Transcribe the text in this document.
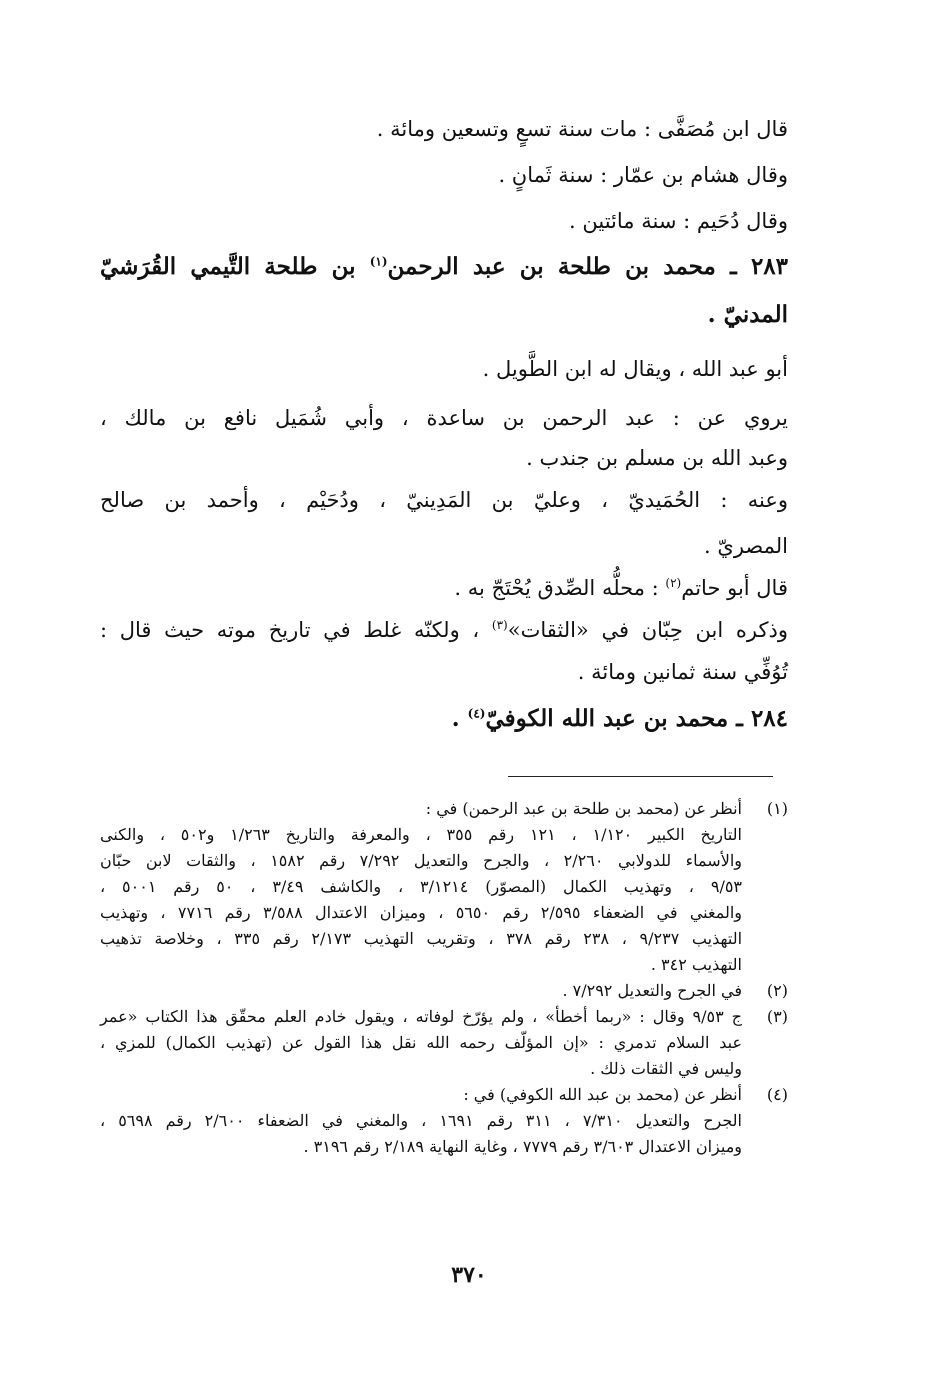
قال ابن مُصَفَّى : مات سنة تسعٍ وتسعين ومائة .
وقال هشام بن عمّار : سنة ثَمانٍ .
وقال دُحَيم : سنة مائتين .
٢٨٣ ـ محمد بن طلحة بن عبد الرحمن$^{(١)}$ بن طلحة التَّيمي القُرَشيّ
المدنيّ .
أبو عبد الله ، ويقال له ابن الطَّويل .
يروي عن : عبد الرحمن بن ساعدة ، وأبي شُمَيل نافع بن مالك ،
وعبد الله بن مسلم بن جندب .
وعنه : الحُمَيديّ ، وعليّ بن المَدِينيّ ، ودُحَيْم ، وأحمد بن صالح
المصريّ .
قال أبو حاتم$^{(٢)}$ : محلُّه الصِّدق يُحْتَجّ به .
وذكره ابن حِبّان في «الثقات»$^{(٣)}$ ، ولكنّه غلط في تاريخ موته حيث قال :
تُوُفِّي سنة ثمانين ومائة .
٢٨٤ ـ محمد بن عبد الله الكوفيّ$^{(٤)}$ .
(١)
أنظر عن (محمد بن طلحة بن عبد الرحمن) في :
التاريخ الكبير ١/١٢٠ ، ١٢١ رقم ٣٥٥ ، والمعرفة والتاريخ ١/٢٦٣ و٥٠٢ ، والكنى
والأسماء للدولابي ٢/٢٦٠ ، والجرح والتعديل ٧/٢٩٢ رقم ١٥٨٢ ، والثقات لابن حبّان
٩/٥٣ ، وتهذيب الكمال (المصوّر) ٣/١٢١٤ ، والكاشف ٣/٤٩ ، ٥٠ رقم ٥٠٠١ ،
والمغني في الضعفاء ٢/٥٩٥ رقم ٥٦٥٠ ، وميزان الاعتدال ٣/٥٨٨ رقم ٧٧١٦ ، وتهذيب
التهذيب ٩/٢٣٧ ، ٢٣٨ رقم ٣٧٨ ، وتقريب التهذيب ٢/١٧٣ رقم ٣٣٥ ، وخلاصة تذهيب
التهذيب ٣٤٢ .
(٢)
في الجرح والتعديل ٧/٢٩٢ .
(٣)
ج ٩/٥٣ وقال : «ربما أخطأ» ، ولم يؤرّخ لوفاته ، ويقول خادم العلم محقّق هذا الكتاب «عمر
عبد السلام تدمري : «إن المؤلّف رحمه الله نقل هذا القول عن (تهذيب الكمال) للمزي ،
وليس في الثقات ذلك .
(٤)
أنظر عن (محمد بن عبد الله الكوفي) في :
الجرح والتعديل ٧/٣١٠ ، ٣١١ رقم ١٦٩١ ، والمغني في الضعفاء ٢/٦٠٠ رقم ٥٦٩٨ ،
وميزان الاعتدال ٣/٦٠٣ رقم ٧٧٧٩ ، وغاية النهاية ٢/١٨٩ رقم ٣١٩٦ .
٣٧٠
